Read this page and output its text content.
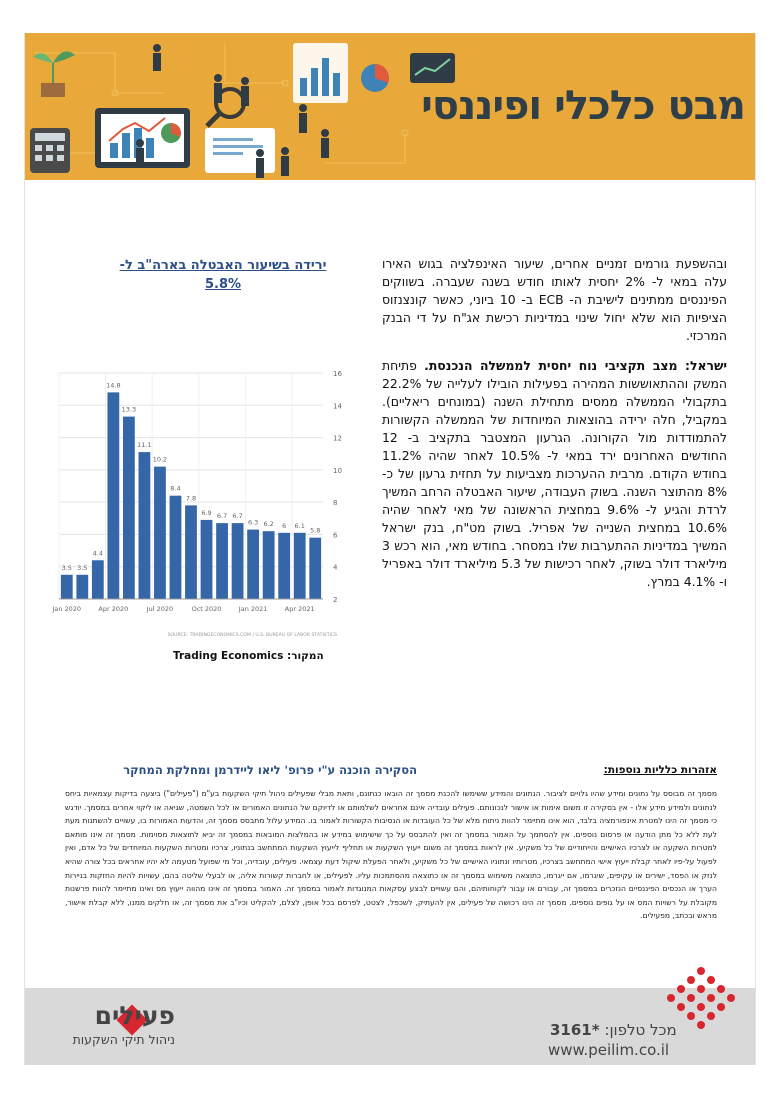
מבט כלכלי ופיננסי

ובהשפעת גורמים זמניים אחרים, שיעור האינפלציה בגוש האירו עלה במאי ל- 2% יחסית לאותו חודש בשנה שעברה. בשווקים הפיננסים ממתינים לישיבת ה- ECB ב- 10 ביוני, כאשר קונצנזוס הציפיות הוא שלא יחול שינוי במדיניות רכישת אג"ח על די הבנק המרכזי.

ישראל: מצב תקציבי נוח יחסית לממשלה הנכנסת. פתיחת המשק וההתאוששות המהירה בפעילות הובילו לעלייה של 22.2% בתקבולי הממשלה ממסים מתחילת השנה (במונחים ריאליים). במקביל, חלה ירידה בהוצאות המיוחדות של הממשלה הקשורות להתמודדות מול הקורונה. הגרעון המצטבר בתקציב ב- 12 החודשים האחרונים ירד במאי ל- 10.5% לאחר שהיה 11.2% בחודש הקודם. מרבית ההערכות מצביעות על תחזית גרעון של כ- 8% מהתוצר השנה. בשוק העבודה, שיעור האבטלה הרחב המשיך לרדת והגיע ל- 9.6% במחצית הראשונה של מאי לאחר שהיה 10.6% במחצית השנייה של אפריל. בשוק מט"ח, בנק ישראל המשיך במדיניות ההתערבות שלו במסחר. בחודש מאי, הוא רכש 3 מיליארד דולר בשוק, לאחר רכישות של 5.3 מיליארד דולר באפריל ו- 4.1% במרץ.

ירידה בשיעור האבטלה בארה"ב ל- 5.8%
2
4
6
8
10
12
14
16
3.5 3.5
4.4
14.8
13.3
11.1
10.2
8.4
7.8
6.9 6.7 6.7
6.3 6.2 6 6.1
5.8
Jan 2020	Apr 2020	Jul 2020	Oct 2020	Jan 2021	Apr 2021
SOURCE: TRADINGECONOMICS.COM | U.S. BUREAU OF LABOR STATISTICS
המקור: Trading Economics
אזהרות כלליות נוספות:
הסקירה הוכנה ע"י פרופ' ליאו ליידרמן ומחלקת המחקר
מסמך זה מבוסס על נתונים ומידע שהיו גלויים לציבור. הנתונים והמידע ששימשו להכנת מסמך זה הובאו כנתונם, ותאת מבלי שפעילים ניהול תיקי השקעות בע"מ ("פעילים") ביצעה בדיקות עצמאיות ביחס לנתונים ולמידע מידע אלו - אין בסקירה זו משום אימות או אישור לנכונותם. פעילים עובדיה אינם אחראים לשלמותם או לדיוקם של הנתונים האמורים או לכל השמטה, שגיאה או ליקוי אחרים במסמך. יודגש כי מסמך זה הינו למטרת אינפורמציה בלבד, הוא אינו מתיימר להוות ניתוח מלא של כל העובדות או הנסיבות הקשורות לאמור בו. המידע עלול מתבסס מסמך זה, והדעות האמורות בו, עשויים להשתנות מעת לעת ללא כל מתן הודעה או פרסום נוספים. אין להסתמך על האמור במסמך זה ואין להתבסס על כך שישימוש במידע או בהמלצות המובאות במסמך זה יביא לתוצאות מסוימות. מסמך זה אינו מותאם למטרות השקעה או לצרכיו האישיים והייחודיים של כל משקיע. אין לראות במסמך זה משום ייעוץ השקעות או תחליף לייעוץ השקעות המתחשב בנתוניו, צרכיו ומטרות השקעות המיוחדים של כל אדם, ואין לפעול על-פיו לאחר קבלת ייעוץ אישי המתחשב בצרכיו, מטרותיו ונתוניו האישיים של כל משקיע, ולאחר הפעלת שיקול דעת עצמאי. פעילים, עובדיה, וכל מי שפועל מטעמה לא יהיו אחראים בכל צורה שהיא לנזק או הפסד, ישירים או עקיפים, שיגרמו, אם ייגרמו, כתוצאה משימוש במסמך זה או כתוצאה מהסתמכות עליו. לפעילים, או לחברות קשורות אליה, או לבעלי שליטה בהם, עשויות להיות החזקות בניירות הערך או הנכסים הפיננסיים הנזכרים במסמך זה, עבורם או עבור לקוחותיהם, והם עשויים לבצע עסקאות המנוגדות לאמור במסמך זה. האמור במסמך זה אינו מהווה ייעוץ מס ואינו מתיימר להוות פרשנות מקובלת על רשויות המס או על גופים נוספים. מסמך זה הינו רכושה של פעילים, אין להעתיק, לשכפל, לצטט, לפרסם בכל אופן, לצלם, להקליט וכיו"ב את מסמך זה, או חלקים ממנו, ללא קבלת אישור, מראש ובכתב, מפעילים.
פעילים
ניהול תיקי השקעות
מכל טלפון: *3161
www.peilim.co.il
